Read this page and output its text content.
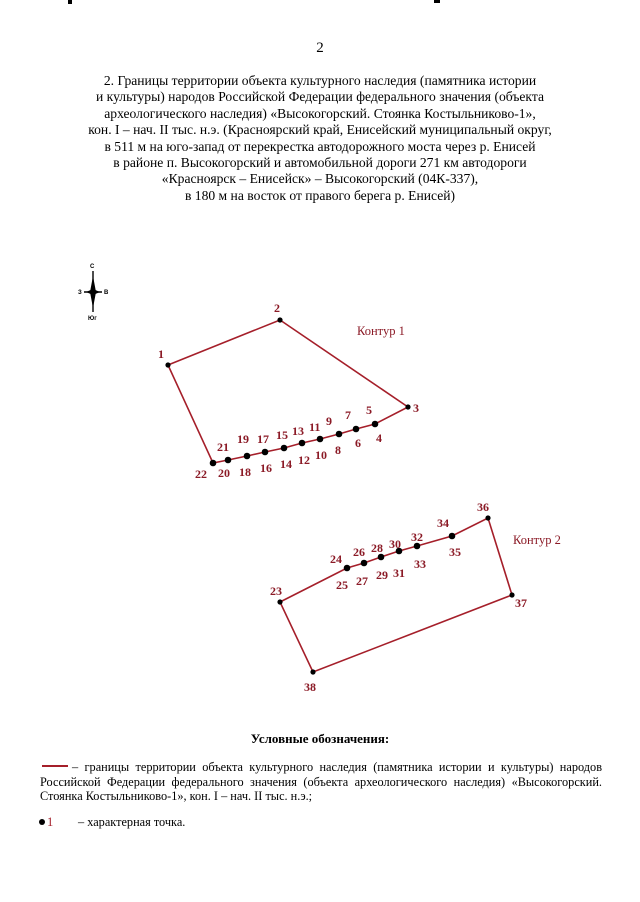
2
2. Границы территории объекта культурного наследия (памятника истории
и культуры) народов Российской Федерации федерального значения (объекта
археологического наследия) «Высокогорский. Стоянка Костыльниково-1»,
кон. I – нач. II тыс. н.э. (Красноярский край, Енисейский муниципальный округ,
в 511 м на юго-запад от перекрестка автодорожного моста через р. Енисей
в районе п. Высокогорский и автомобильной дороги 271 км автодороги
«Красноярск – Енисейск» – Высокогорский (04К-337),
в 180 м на восток от правого берега р. Енисей)
С
З	В
Юг
Контур 1
Контур 2
1
2
3
4
5
6
7
8
9
10
11
12
13
14
15
16
17
18
19
20
21
22
23
24
25
26
27
28
29
30
31
32
33
34
35
36
37
38
Условные обозначения:
– границы территории объекта культурного наследия (памятника истории и культуры) народов Российской Федерации федерального значения (объекта археологического наследия) «Высокогорский. Стоянка Костыльниково-1», кон. I – нач. II тыс. н.э.;
1 – характерная точка.
